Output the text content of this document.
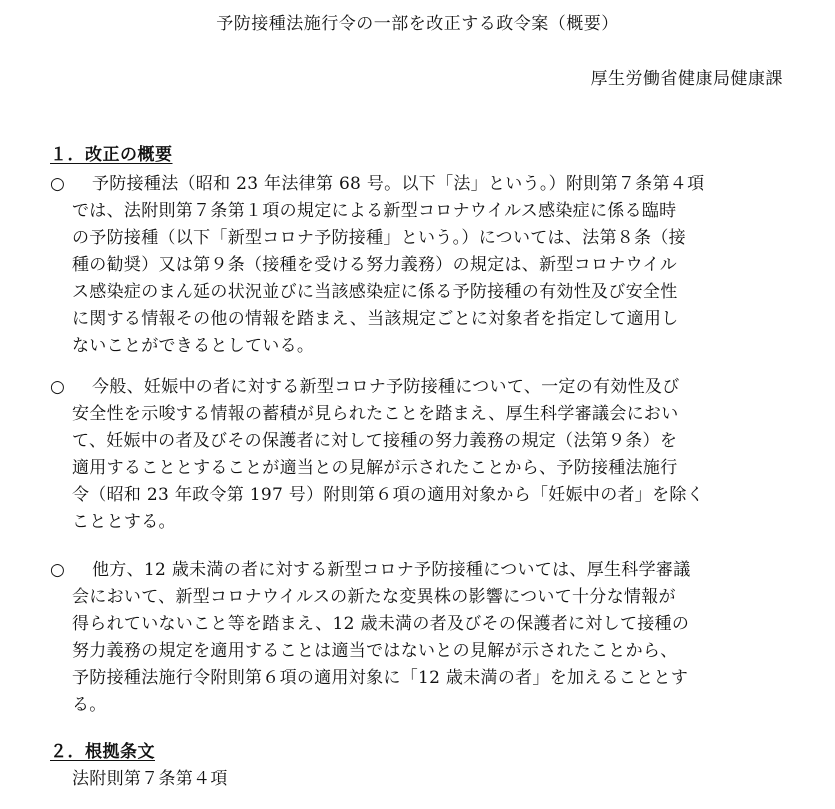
予防接種法施行令の一部を改正する政令案（概要）
厚生労働省健康局健康課
１．改正の概要
○ 予防接種法（昭和 23 年法律第 68 号。以下「法」という。）附則第７条第４項
では、法附則第７条第１項の規定による新型コロナウイルス感染症に係る臨時
の予防接種（以下「新型コロナ予防接種」という。）については、法第８条（接
種の勧奨）又は第９条（接種を受ける努力義務）の規定は、新型コロナウイル
ス感染症のまん延の状況並びに当該感染症に係る予防接種の有効性及び安全性
に関する情報その他の情報を踏まえ、当該規定ごとに対象者を指定して適用し
ないことができるとしている。
○ 今般、妊娠中の者に対する新型コロナ予防接種について、一定の有効性及び
安全性を示唆する情報の蓄積が見られたことを踏まえ、厚生科学審議会におい
て、妊娠中の者及びその保護者に対して接種の努力義務の規定（法第９条）を
適用することとすることが適当との見解が示されたことから、予防接種法施行
令（昭和 23 年政令第 197 号）附則第６項の適用対象から「妊娠中の者」を除く
こととする。
○ 他方、12 歳未満の者に対する新型コロナ予防接種については、厚生科学審議
会において、新型コロナウイルスの新たな変異株の影響について十分な情報が
得られていないこと等を踏まえ、12 歳未満の者及びその保護者に対して接種の
努力義務の規定を適用することは適当ではないとの見解が示されたことから、
予防接種法施行令附則第６項の適用対象に「12 歳未満の者」を加えることとす
る。
２．根拠条文
法附則第７条第４項
